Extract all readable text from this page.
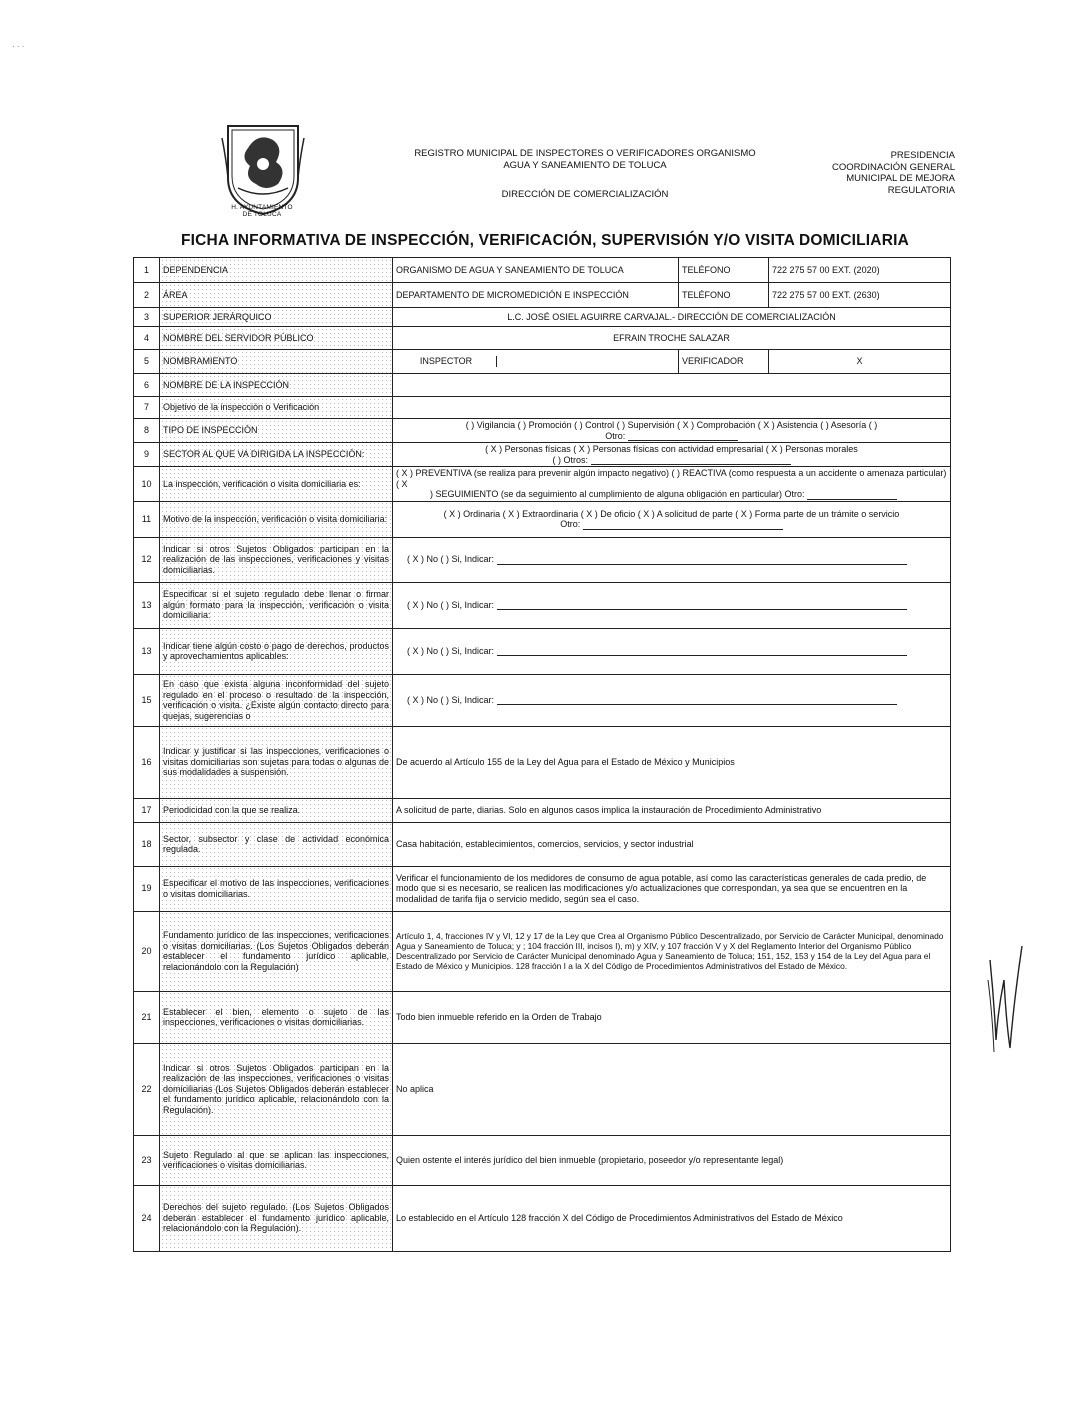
· · ·
H. AYUNTAMIENTO
DE TOLUCA
REGISTRO MUNICIPAL DE INSPECTORES O VERIFICADORES ORGANISMO
AGUA Y SANEAMIENTO DE TOLUCA
DIRECCIÓN DE COMERCIALIZACIÓN
PRESIDENCIA
COORDINACIÓN GENERAL
MUNICIPAL DE MEJORA
REGULATORIA
FICHA INFORMATIVA DE INSPECCIÓN, VERIFICACIÓN, SUPERVISIÓN Y/O VISITA DOMICILIARIA
1	DEPENDENCIA	ORGANISMO DE AGUA Y SANEAMIENTO DE TOLUCA	TELÉFONO	722 275 57 00 EXT. (2020)
2	ÁREA	DEPARTAMENTO DE MICROMEDICIÓN E INSPECCIÓN	TELÉFONO	722 275 57 00 EXT. (2630)
3	SUPERIOR JERÁRQUICO	L.C. JOSÉ OSIEL AGUIRRE CARVAJAL.- DIRECCIÓN DE COMERCIALIZACIÓN		
4	NOMBRE DEL SERVIDOR PÚBLICO	EFRAIN TROCHE SALAZAR		
5	NOMBRAMIENTO	INSPECTOR	VERIFICADOR	X
6	NOMBRE DE LA INSPECCIÓN			
7	Objetivo de la inspección o Verificación			
8	TIPO DE INSPECCIÓN	( ) Vigilancia ( ) Promoción ( ) Control ( ) Supervisión ( X ) Comprobación ( X ) Asistencia ( ) Asesoría ( )
Otro:		

9	SECTOR AL QUE VA DIRIGIDA LA INSPECCIÓN:	( X ) Personas físicas ( X ) Personas físicas con actividad empresarial ( X ) Personas morales
( ) Otros:		

10	La inspección, verificación o visita domiciliaria es:	( X ) PREVENTIVA (se realiza para prevenir algún impacto negativo) ( ) REACTIVA (como respuesta a un accidente o amenaza particular) ( X
) SEGUIMIENTO (se da seguimiento al cumplimiento de alguna obligación en particular) Otro:		

11	Motivo de la inspección, verificación o visita domiciliaria:	( X ) Ordinaria ( X ) Extraordinaria ( X ) De oficio ( X ) A solicitud de parte ( X ) Forma parte de un trámite o servicio
Otro:		

12	Indicar si otros Sujetos Obligados participan en la realización de las inspecciones, verificaciones y visitas domiciliarias.	( X ) No ( ) Si, Indicar:		
13	Especificar si el sujeto regulado debe llenar o firmar algún formato para la inspección, verificación o visita domiciliaria:	( X ) No ( ) Si, Indicar:		
13	Indicar tiene algún costo o pago de derechos, productos y aprovechamientos aplicables:	( X ) No ( ) Si, Indicar:		
15	En caso que exista alguna inconformidad del sujeto regulado en el proceso o resultado de la inspección, verificación o visita. ¿Existe algún contacto directo para quejas, sugerencias o	( X ) No ( ) Si, Indicar:		
16	Indicar y justificar si las inspecciones, verificaciones o visitas domiciliarias son sujetas para todas o algunas de sus modalidades a suspensión.	De acuerdo al Artículo 155 de la Ley del Agua para el Estado de México y Municipios		
17	Periodicidad con la que se realiza.	A solicitud de parte, diarias. Solo en algunos casos implica la instauración de Procedimiento Administrativo		
18	Sector, subsector y clase de actividad económica regulada.	Casa habitación, establecimientos, comercios, servicios, y sector industrial		
19	Especificar el motivo de las inspecciones, verificaciones o visitas domiciliarias.	Verificar el funcionamiento de los medidores de consumo de agua potable, así como las características generales de cada predio, de modo que si es necesario, se realicen las modificaciones y/o actualizaciones que correspondan, ya sea que se encuentren en la modalidad de tarifa fija o servicio medido, según sea el caso.		
20	Fundamento jurídico de las inspecciones, verificaciones o visitas domiciliarias. (Los Sujetos Obligados deberán establecer el fundamento jurídico aplicable, relacionándolo con la Regulación)	Artículo 1, 4, fracciones IV y VI, 12 y 17 de la Ley que Crea al Organismo Público Descentralizado, por Servicio de Carácter Municipal, denominado Agua y Saneamiento de Toluca; y ; 104 fracción III, incisos I), m) y XIV, y 107 fracción V y X del Reglamento Interior del Organismo Público Descentralizado por Servicio de Carácter Municipal denominado Agua y Saneamiento de Toluca; 151, 152, 153 y 154 de la Ley del Agua para el Estado de México y Municipios. 128 fracción I a la X del Código de Procedimientos Administrativos del Estado de México.		
21	Establecer el bien, elemento o sujeto de las inspecciones, verificaciones o visitas domiciliarias.	Todo bien inmueble referido en la Orden de Trabajo		
22	Indicar si otros Sujetos Obligados participan en la realización de las inspecciones, verificaciones o visitas domiciliarias (Los Sujetos Obligados deberán establecer el fundamento jurídico aplicable, relacionándolo con la Regulación).	No aplica		
23	Sujeto Regulado al que se aplican las inspecciones, verificaciones o visitas domiciliarias.	Quien ostente el interés jurídico del bien inmueble (propietario, poseedor y/o representante legal)		
24	Derechos del sujeto regulado. (Los Sujetos Obligados deberán establecer el fundamento jurídico aplicable, relacionándolo con la Regulación).	Lo establecido en el Artículo 128 fracción X del Código de Procedimientos Administrativos del Estado de México		
